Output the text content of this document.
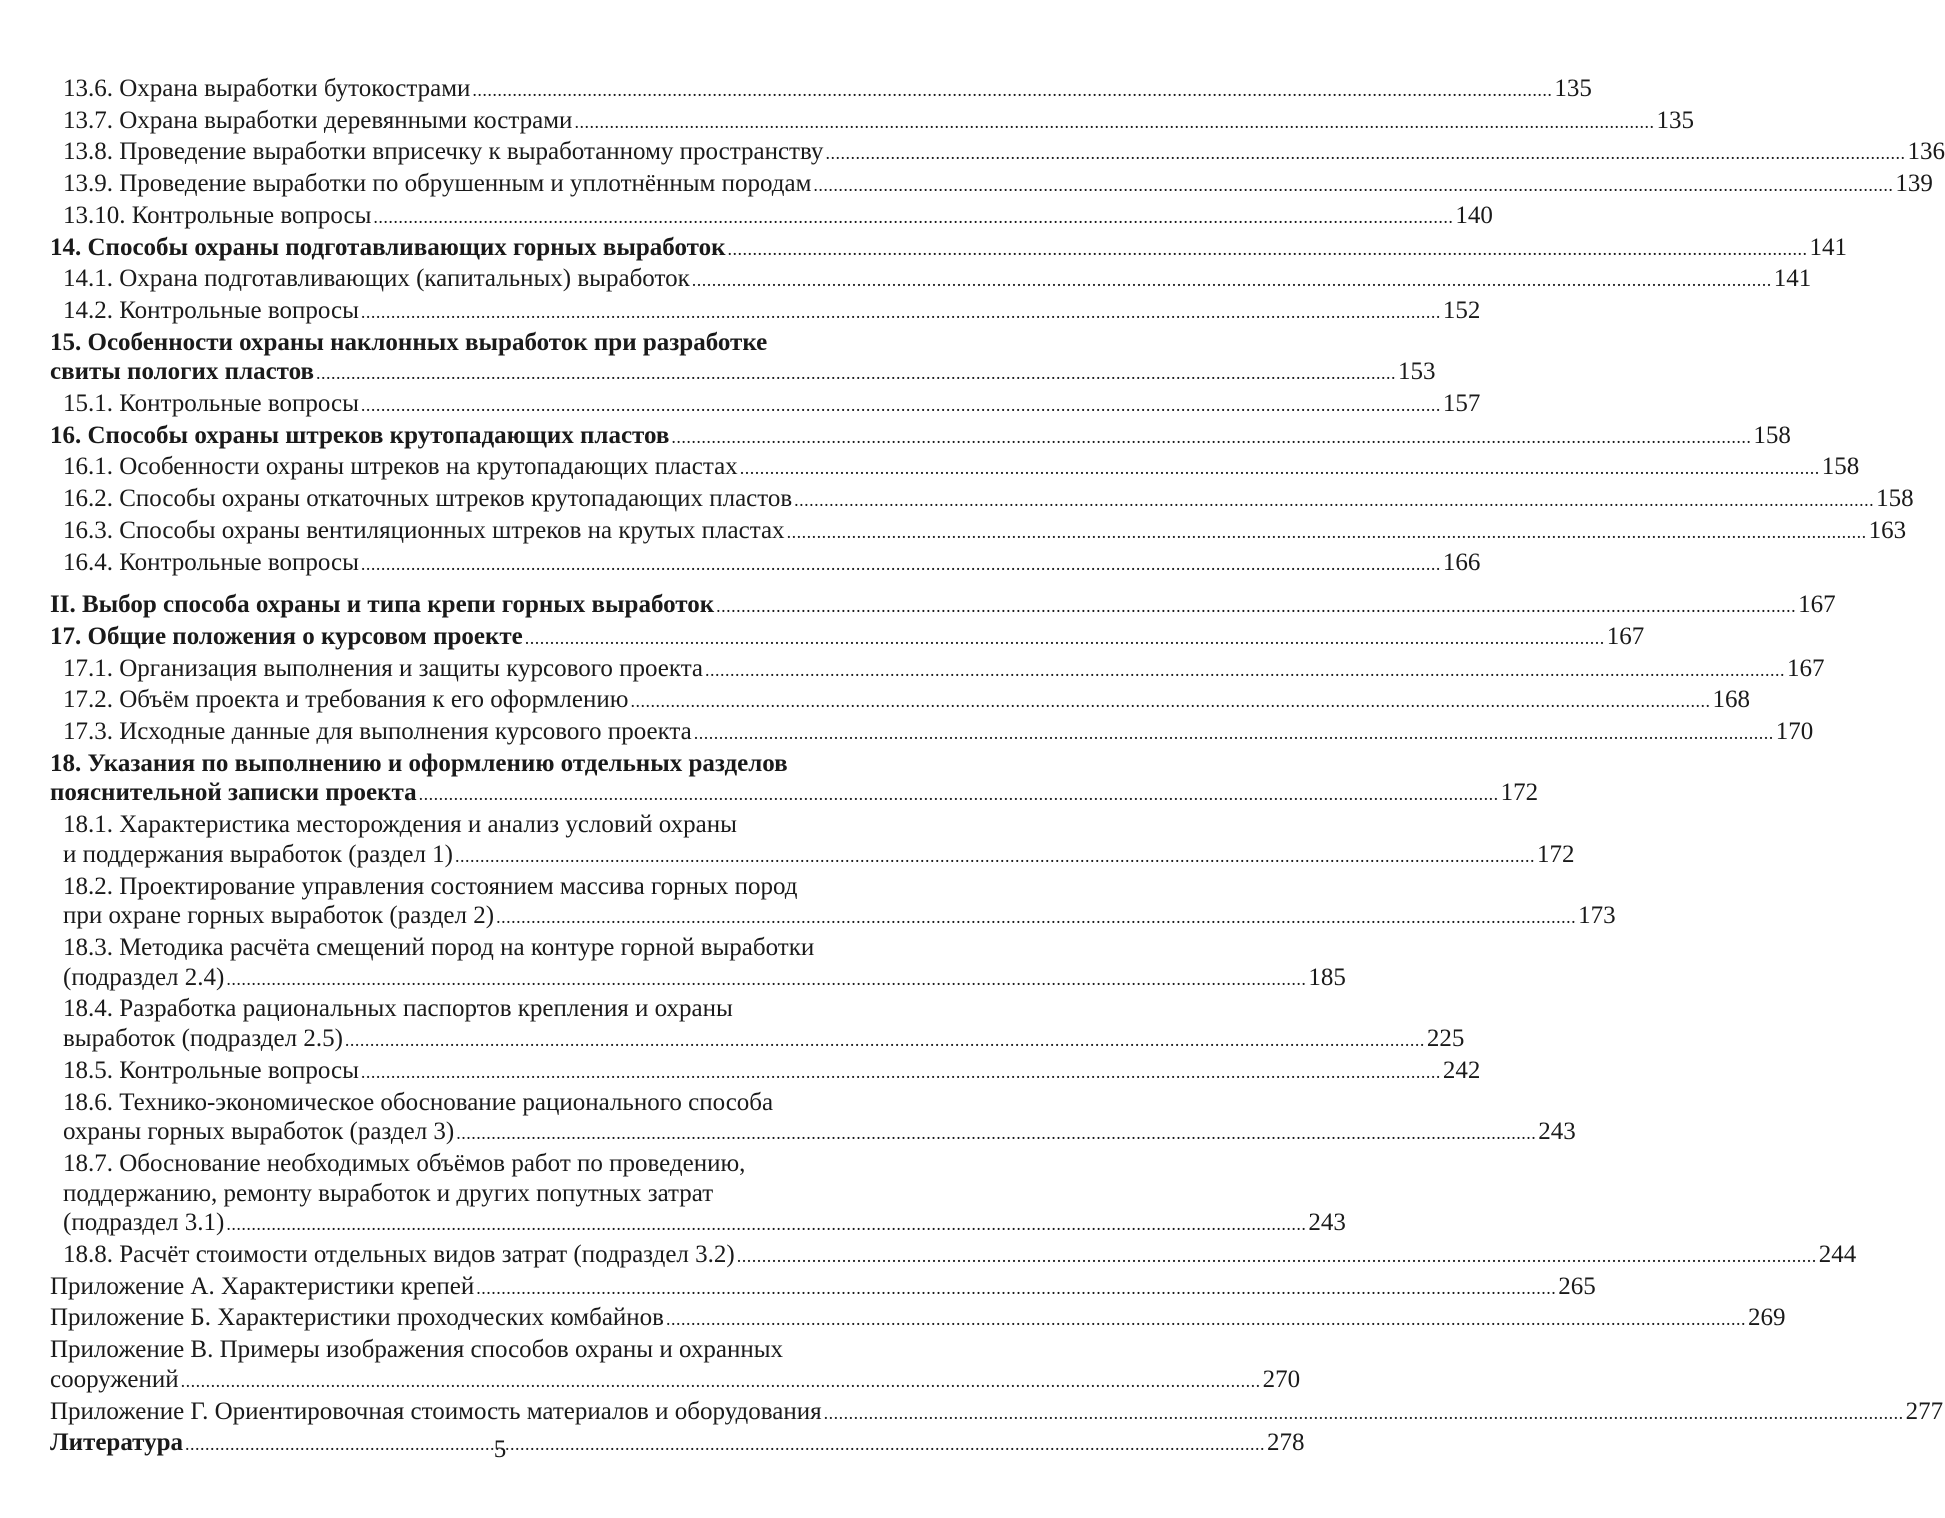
13.6. Охрана выработки бутокострами .....	135
13.7. Охрана выработки деревянными кострами .....	135
13.8. Проведение выработки вприсечку к выработанному пространству .....	136
13.9. Проведение выработки по обрушенным и уплотнённым породам .....	139
13.10. Контрольные вопросы .....	140
14. Способы охраны подготавливающих горных выработок .....	141
14.1. Охрана подготавливающих (капитальных) выработок .....	141
14.2. Контрольные вопросы .....	152
15. Особенности охраны наклонных выработок при разработке
свиты пологих пластов .....	153
15.1. Контрольные вопросы .....	157
16. Способы охраны штреков крутопадающих пластов .....	158
16.1. Особенности охраны штреков на крутопадающих пластах .....	158
16.2. Способы охраны откаточных штреков крутопадающих пластов .....	158
16.3. Способы охраны вентиляционных штреков на крутых пластах .....	163
16.4. Контрольные вопросы .....	166
II. Выбор способа охраны и типа крепи горных выработок .....	167
17. Общие положения о курсовом проекте .....	167
17.1. Организация выполнения и защиты курсового проекта .....	167
17.2. Объём проекта и требования к его оформлению .....	168
17.3. Исходные данные для выполнения курсового проекта .....	170
18. Указания по выполнению и оформлению отдельных разделов
пояснительной записки проекта .....	172
18.1. Характеристика месторождения и анализ условий охраны
и поддержания выработок (раздел 1) .....	172
18.2. Проектирование управления состоянием массива горных пород
при охране горных выработок (раздел 2) .....	173
18.3. Методика расчёта смещений пород на контуре горной выработки
(подраздел 2.4) .....	185
18.4. Разработка рациональных паспортов крепления и охраны
выработок (подраздел 2.5) .....	225
18.5. Контрольные вопросы .....	242
18.6. Технико-экономическое обоснование рационального способа
охраны горных выработок (раздел 3) .....	243
18.7. Обоснование необходимых объёмов работ по проведению,
поддержанию, ремонту выработок и других попутных затрат
(подраздел 3.1) .....	243
18.8. Расчёт стоимости отдельных видов затрат (подраздел 3.2) .....	244
Приложение А. Характеристики крепей .....	265
Приложение Б. Характеристики проходческих комбайнов .....	269
Приложение В. Примеры изображения способов охраны и охранных
сооружений .....	270
Приложение Г. Ориентировочная стоимость материалов и оборудования .....	277
Литература .....	278
5
